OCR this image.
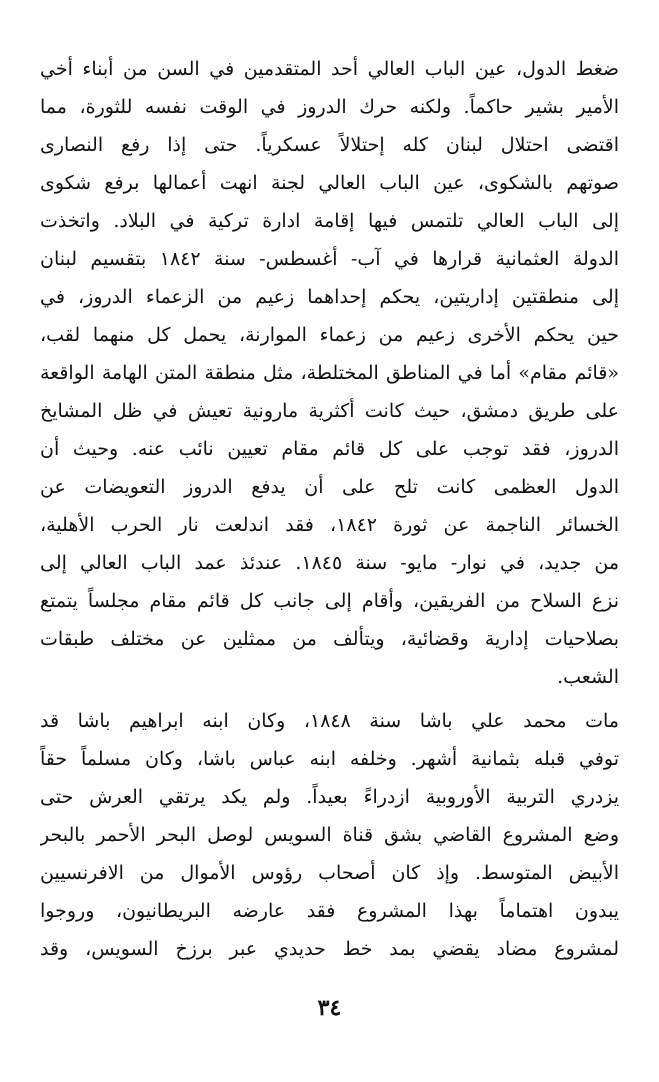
ضغط الدول، عين الباب العالي أحد المتقدمين في السن من أبناء أخي
الأمير بشير حاكماً. ولكنه حرك الدروز في الوقت نفسه للثورة، مما
اقتضى احتلال لبنان كله إحتلالاً عسكرياً. حتى إذا رفع النصارى
صوتهم بالشكوى، عين الباب العالي لجنة انهت أعمالها برفع شكوى
إلى الباب العالي تلتمس فيها إقامة ادارة تركية في البلاد. واتخذت
الدولة العثمانية قرارها في آب- أغسطس- سنة ١٨٤٢ بتقسيم لبنان
إلى منطقتين إداريتين، يحكم إحداهما زعيم من الزعماء الدروز، في
حين يحكم الأخرى زعيم من زعماء الموارنة، يحمل كل منهما لقب،
«قائم مقام» أما في المناطق المختلطة، مثل منطقة المتن الهامة الواقعة
على طريق دمشق، حيث كانت أكثرية مارونية تعيش في ظل المشايخ
الدروز، فقد توجب على كل قائم مقام تعيين نائب عنه. وحيث أن
الدول العظمى كانت تلح على أن يدفع الدروز التعويضات عن
الخسائر الناجمة عن ثورة ١٨٤٢، فقد اندلعت نار الحرب الأهلية،
من جديد، في نوار- مايو- سنة ١٨٤٥. عندئذ عمد الباب العالي إلى
نزع السلاح من الفريقين، وأقام إلى جانب كل قائم مقام مجلساً يتمتع
بصلاحيات إدارية وقضائية، ويتألف من ممثلين عن مختلف طبقات
الشعب.
مات محمد علي باشا سنة ١٨٤٨، وكان ابنه ابراهيم باشا قد
توفي قبله بثمانية أشهر. وخلفه ابنه عباس باشا، وكان مسلماً حقاً
يزدري التربية الأوروبية ازدراءً بعيداً. ولم يكد يرتقي العرش حتى
وضع المشروع القاضي بشق قناة السويس لوصل البحر الأحمر بالبحر
الأبيض المتوسط. وإذ كان أصحاب رؤوس الأموال من الافرنسيين
يبدون اهتماماً بهذا المشروع فقد عارضه البريطانيون، وروجوا
لمشروع مضاد يقضي بمد خط حديدي عبر برزخ السويس، وقد
٣٤
